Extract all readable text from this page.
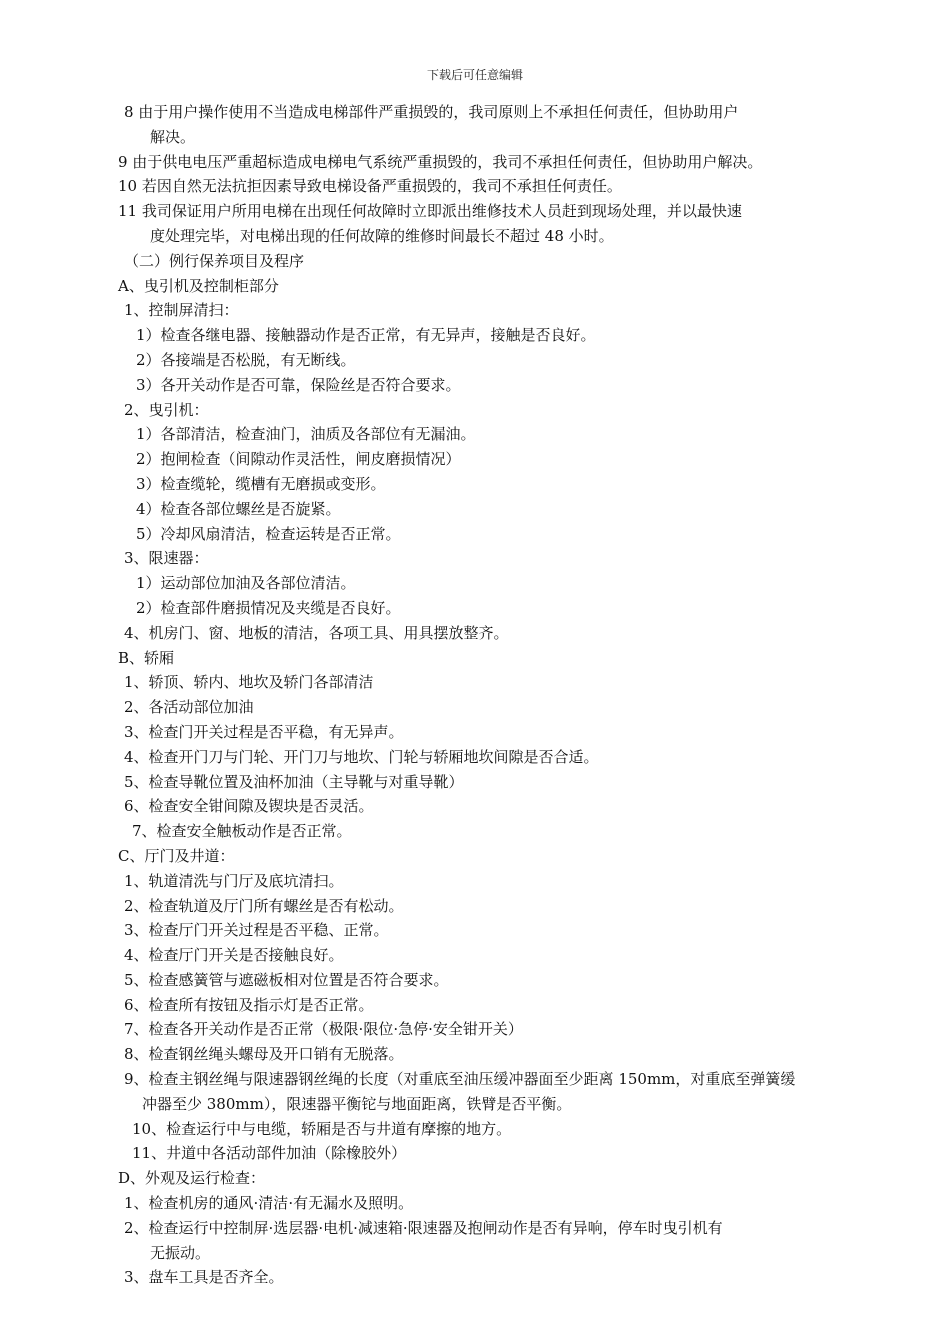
下载后可任意编辑
8 由于用户操作使用不当造成电梯部件严重损毁的，我司原则上不承担任何责任，但协助用户
解决。
9 由于供电电压严重超标造成电梯电气系统严重损毁的，我司不承担任何责任，但协助用户解决。
10 若因自然无法抗拒因素导致电梯设备严重损毁的，我司不承担任何责任。
11 我司保证用户所用电梯在出现任何故障时立即派出维修技术人员赶到现场处理，并以最快速
度处理完毕，对电梯出现的任何故障的维修时间最长不超过 48 小时。
（二）例行保养项目及程序
A、曳引机及控制柜部分
1、控制屏清扫：
1）检查各继电器、接触器动作是否正常，有无异声，接触是否良好。
2）各接端是否松脱，有无断线。
3）各开关动作是否可靠，保险丝是否符合要求。
2、曳引机：
1）各部清洁，检查油门，油质及各部位有无漏油。
2）抱闸检查（间隙动作灵活性，闸皮磨损情况）
3）检查缆轮，缆槽有无磨损或变形。
4）检查各部位螺丝是否旋紧。
5）冷却风扇清洁，检查运转是否正常。
3、限速器：
1）运动部位加油及各部位清洁。
2）检查部件磨损情况及夹缆是否良好。
4、机房门、窗、地板的清洁，各项工具、用具摆放整齐。
B、轿厢
1、轿顶、轿内、地坎及轿门各部清洁
2、各活动部位加油
3、检查门开关过程是否平稳，有无异声。
4、检查开门刀与门轮、开门刀与地坎、门轮与轿厢地坎间隙是否合适。
5、检查导靴位置及油杯加油（主导靴与对重导靴）
6、检查安全钳间隙及锲块是否灵活。
7、检查安全触板动作是否正常。
C、厅门及井道：
1、轨道清洗与门厅及底坑清扫。
2、检查轨道及厅门所有螺丝是否有松动。
3、检查厅门开关过程是否平稳、正常。
4、检查厅门开关是否接触良好。
5、检查感簧管与遮磁板相对位置是否符合要求。
6、检查所有按钮及指示灯是否正常。
7、检查各开关动作是否正常（极限·限位·急停·安全钳开关）
8、检查钢丝绳头螺母及开口销有无脱落。
9、检查主钢丝绳与限速器钢丝绳的长度（对重底至油压缓冲器面至少距离 150mm，对重底至弹簧缓
冲器至少 380mm），限速器平衡铊与地面距离，铁臂是否平衡。
10、检查运行中与电缆，轿厢是否与井道有摩擦的地方。
11、井道中各活动部件加油（除橡胶外）
D、外观及运行检查：
1、检查机房的通风·清洁·有无漏水及照明。
2、检查运行中控制屏·选层器·电机·减速箱·限速器及抱闸动作是否有异响，停车时曳引机有
无振动。
3、盘车工具是否齐全。
